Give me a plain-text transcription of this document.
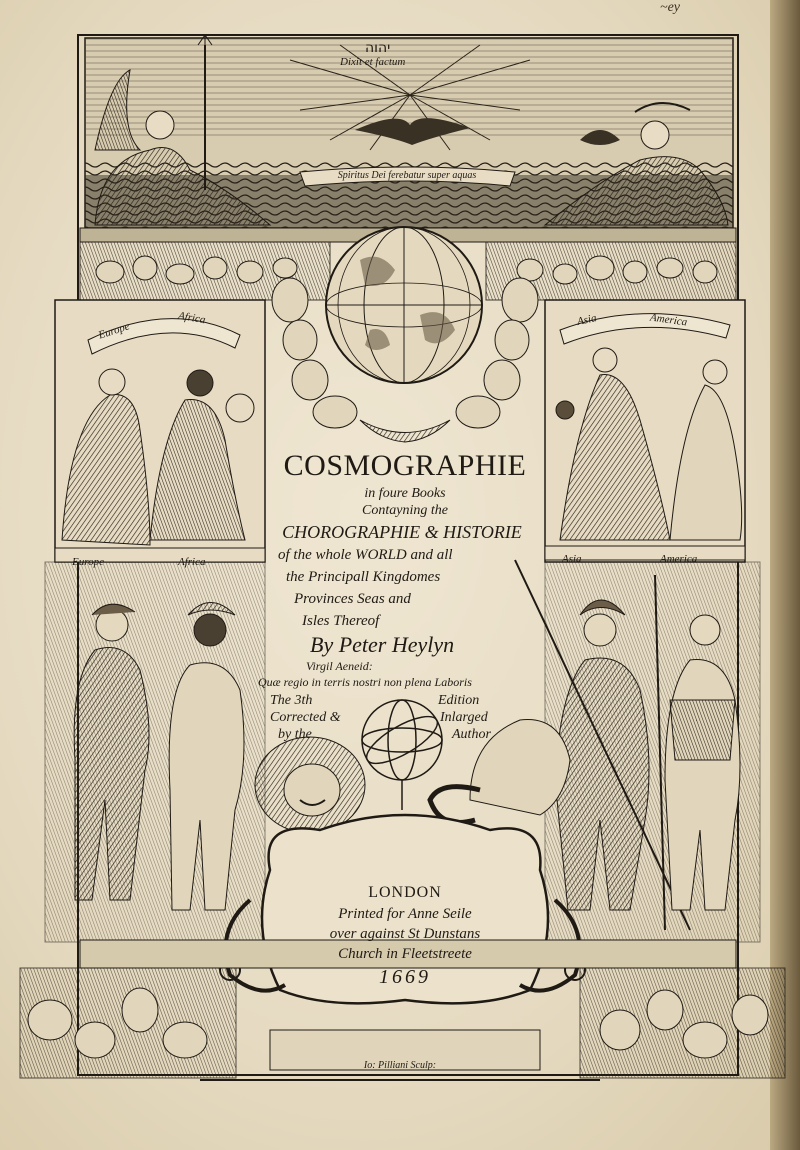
~ey
יהוה
Dixit et factum
Spiritus Dei ferebatur super aquas
Europe
Africa	Asia	America
Europe	Africa	Asia	America
COSMOGRAPHIE
in foure Books
Contayning the
CHOROGRAPHIE & HISTORIE
of the whole WORLD and all
the Principall Kingdomes
Provinces Seas and
Isles Thereof
By Peter Heylyn
Virgil Aeneid:
Quæ regio in terris nostri non plena Laboris
The 3th	Edition
Corrected &	Inlarged
by the	Author
LONDON
Printed for Anne Seile
over against St Dunstans
Church in Fleetstreete
1669
Io: Pilliani Sculp:
